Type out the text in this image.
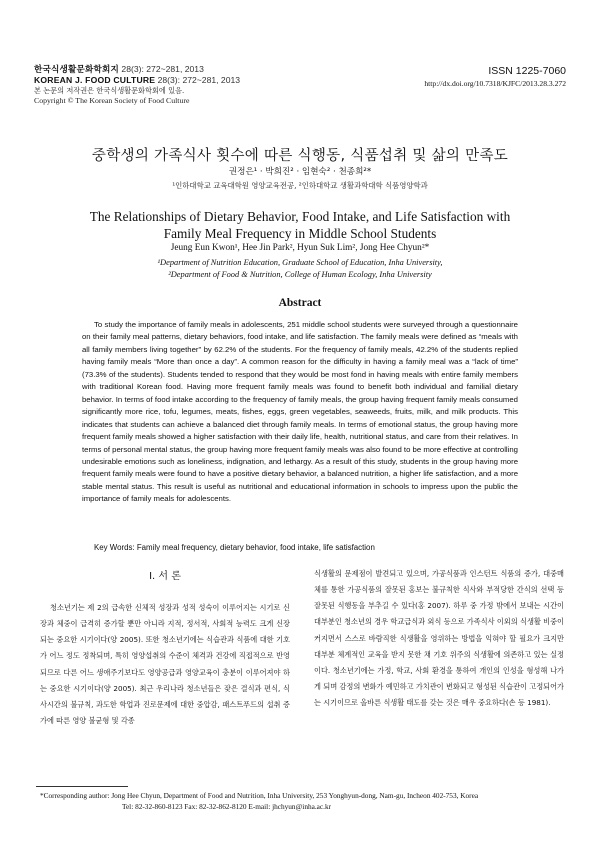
한국식생활문화학회지 28(3): 272~281, 2013
KOREAN J. FOOD CULTURE 28(3): 272~281, 2013
본 논문의 저작권은 한국식생활문화학회에 있음.
Copyright © The Korean Society of Food Culture
ISSN 1225-7060
http://dx.doi.org/10.7318/KJFC/2013.28.3.272
중학생의 가족식사 횟수에 따른 식행동, 식품섭취 및 삶의 만족도
권정은¹ · 박희진² · 임현숙² · 천종희²*
¹인하대학교 교육대학원 영양교육전공, ²인하대학교 생활과학대학 식품영양학과
The Relationships of Dietary Behavior, Food Intake, and Life Satisfaction with
Family Meal Frequency in Middle School Students
Jeung Eun Kwon¹, Hee Jin Park², Hyun Suk Lim², Jong Hee Chyun²*
¹Department of Nutrition Education, Graduate School of Education, Inha University,
²Department of Food & Nutrition, College of Human Ecology, Inha University
Abstract
To study the importance of family meals in adolescents, 251 middle school students were surveyed through a questionnaire on their family meal patterns, dietary behaviors, food intake, and life satisfaction. The family meals were defined as “meals with all family members living together” by 62.2% of the students. For the frequency of family meals, 42.2% of the students replied having family meals “More than once a day”. A common reason for the difficulty in having a family meal was a “lack of time” (73.3% of the students). Students tended to respond that they would be most fond in having meals with entire family members with traditional Korean food. Having more frequent family meals was found to benefit both individual and familial dietary behavior. In terms of food intake according to the frequency of family meals, the group having frequent family meals consumed significantly more rice, tofu, legumes, meats, fishes, eggs, green vegetables, seaweeds, fruits, milk, and milk products. This indicates that students can achieve a balanced diet through family meals. In terms of emotional status, the group having more frequent family meals showed a higher satisfaction with their daily life, health, nutritional status, and care from their relatives. In terms of personal mental status, the group having more frequent family meals was also found to be more effective at controlling undesirable emotions such as loneliness, indignation, and lethargy. As a result of this study, students in the group having more frequent family meals were found to have a positive dietary behavior, a balanced nutrition, a higher life satisfaction, and a more stable mental status. This result is useful as nutritional and educational information in schools to impress upon the public the importance of family meals for adolescents.
Key Words: Family meal frequency, dietary behavior, food intake, life satisfaction
I. 서 론

청소년기는 제 2의 급속한 신체적 성장과 성적 성숙이 이루어지는 시기로 신장과 체중이 급격히 증가할 뿐만 아니라 지적, 정서적, 사회적 능력도 크게 신장되는 중요한 시기이다(양 2005). 또한 청소년기에는 식습관과 식품에 대한 기호가 어느 정도 정착되며, 특히 영양섭취의 수준이 체격과 건강에 직접적으로 반영되므로 다른 어느 생애주기보다도 영양공급과 영양교육이 충분이 이루어져야 하는 중요한 시기이다(양 2005). 최근 우리나라 청소년들은 잦은 결식과 편식, 식사시간의 불규칙, 과도한 학업과 진로문제에 대한 중압감, 패스트푸드의 섭취 증가에 따른 영양 불균형 및 각종

식생활의 문제점이 발견되고 있으며, 가공식품과 인스턴트 식품의 증가, 대중매체를 통한 가공식품의 잘못된 홍보는 불규칙한 식사와 부적당한 간식의 선택 등 잘못된 식행동을 부추길 수 있다(홍 2007). 하루 중 가정 밖에서 보내는 시간이 대부분인 청소년의 경우 학교급식과 외식 등으로 가족식사 이외의 식생활 비중이 커지면서 스스로 바람직한 식생활을 영위하는 방법을 익혀야 할 필요가 크지만 대부분 체계적인 교육을 받지 못한 채 기호 위주의 식생활에 의존하고 있는 실정이다. 청소년기에는 가정, 학교, 사회 환경을 통하여 개인의 인성을 형성해 나가게 되며 감정의 변화가 예민하고 가치관이 변화되고 형성된 식습관이 고정되어가는 시기이므로 올바른 식생활 태도를 갖는 것은 매우 중요하다(손 등 1981).

*Corresponding author: Jong Hee Chyun, Department of Food and Nutrition, Inha University, 253 Yonghyun-dong, Nam-gu, Incheon 402-753, Korea
Tel: 82-32-860-8123 Fax: 82-32-862-8120 E-mail: jhchyun@inha.ac.kr
